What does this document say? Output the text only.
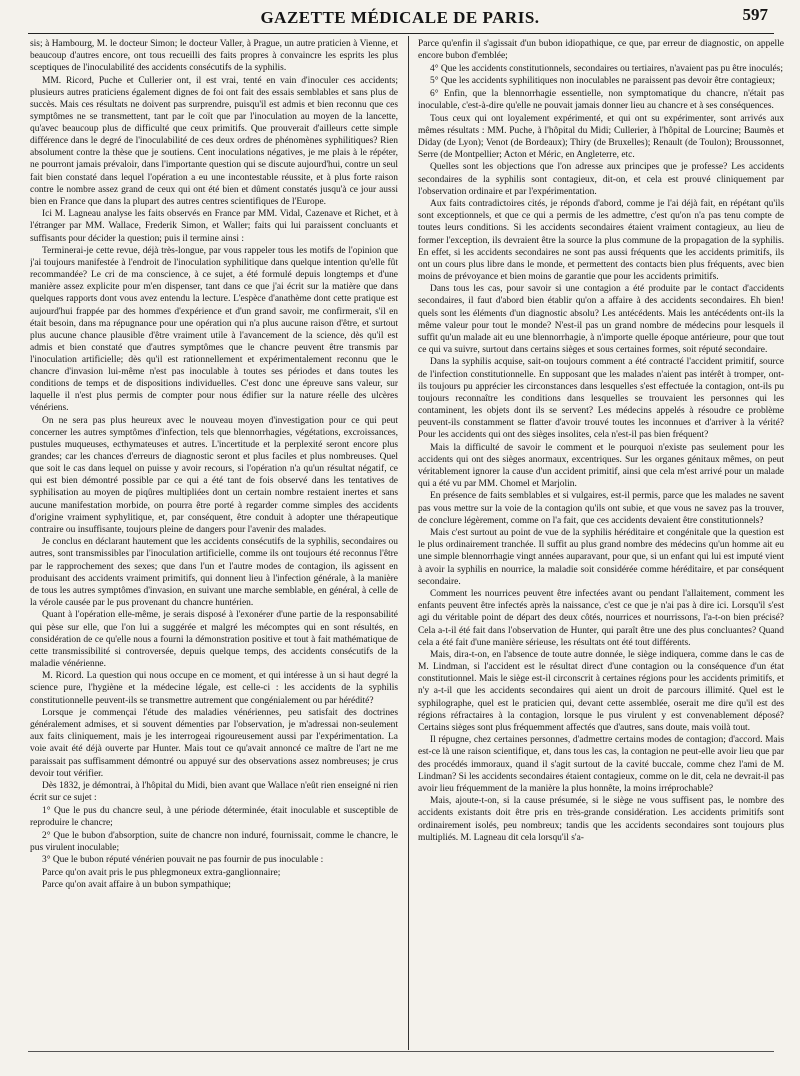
GAZETTE MÉDICALE DE PARIS.	597

sis; à Hambourg, M. le docteur Simon; le docteur Valler, à Prague, un autre praticien à Vienne, et beaucoup d'autres encore, ont tous recueilli des faits propres à convaincre les esprits les plus sceptiques de l'inoculabilité des accidents consécutifs de la syphilis.

MM. Ricord, Puche et Cullerier ont, il est vrai, tenté en vain d'inoculer ces accidents; plusieurs autres praticiens également dignes de foi ont fait des essais semblables et sans plus de succès. Mais ces résultats ne doivent pas surprendre, puisqu'il est admis et bien reconnu que ces symptômes ne se transmettent, tant par le coït que par l'inoculation au moyen de la lancette, qu'avec beaucoup plus de difficulté que ceux primitifs. Que prouverait d'ailleurs cette simple différence dans le degré de l'inoculabilité de ces deux ordres de phénomènes syphilitiques? Rien absolument contre la thèse que je soutiens. Cent inoculations négatives, je me plais à le répéter, ne pourront jamais prévaloir, dans l'importante question qui se discute aujourd'hui, contre un seul fait bien constaté dans lequel l'opération a eu une incontestable réussite, et à plus forte raison contre le nombre assez grand de ceux qui ont été bien et dûment constatés jusqu'à ce jour aussi bien en France que dans la plupart des autres centres scientifiques de l'Europe.

Ici M. Lagneau analyse les faits observés en France par MM. Vidal, Cazenave et Richet, et à l'étranger par MM. Wallace, Frederik Simon, et Waller; faits qui lui paraissent concluants et suffisants pour décider la question; puis il termine ainsi :

Terminerai-je cette revue, déjà très-longue, par vous rappeler tous les motifs de l'opinion que j'ai toujours manifestée à l'endroit de l'inoculation syphilitique dans quelque intention qu'elle fût recommandée? Le cri de ma conscience, à ce sujet, a été formulé depuis longtemps et d'une manière assez explicite pour m'en dispenser, tant dans ce que j'ai écrit sur la matière que dans quelques rapports dont vous avez entendu la lecture. L'espèce d'anathème dont cette pratique est aujourd'hui frappée par des hommes d'expérience et d'un grand savoir, me confirmerait, s'il en était besoin, dans ma répugnance pour une opération qui n'a plus aucune raison d'être, et surtout plus aucune chance plausible d'être vraiment utile à l'avancement de la science, dès qu'il est admis et bien constaté que d'autres symptômes que le chancre peuvent être transmis par l'inoculation artificielle; dès qu'il est rationnellement et expérimentalement reconnu que le chancre d'invasion lui-même n'est pas inoculable à toutes ses périodes et dans toutes les conditions de temps et de dispositions individuelles. C'est donc une épreuve sans valeur, sur laquelle il n'est plus permis de compter pour nous édifier sur la nature réelle des ulcères vénériens.

On ne sera pas plus heureux avec le nouveau moyen d'investigation pour ce qui peut concerner les autres symptômes d'infection, tels que blennorrhagies, végétations, excroissances, pustules muqueuses, ecthymateuses et autres. L'incertitude et la perplexité seront encore plus grandes; car les chances d'erreurs de diagnostic seront et plus faciles et plus nombreuses. Quel que soit le cas dans lequel on puisse y avoir recours, si l'opération n'a qu'un résultat négatif, ce qui est bien démontré possible par ce qui a été tant de fois observé dans les tentatives de syphilisation au moyen de piqûres multipliées dont un certain nombre restaient inertes et sans aucune manifestation morbide, on pourra être porté à regarder comme simples des accidents d'origine vraiment syphylitique, et, par conséquent, être conduit à adopter une thérapeutique contraire ou insuffisante, toujours pleine de dangers pour l'avenir des malades.

Je conclus en déclarant hautement que les accidents consécutifs de la syphilis, secondaires ou autres, sont transmissibles par l'inoculation artificielle, comme ils ont toujours été reconnus l'être par le rapprochement des sexes; que dans l'un et l'autre modes de contagion, ils agissent en produisant des accidents vraiment primitifs, qui donnent lieu à l'infection générale, à la manière de tous les autres symptômes d'invasion, en suivant une marche semblable, en général, à celle de la vérole causée par le pus provenant du chancre huntérien.

Quant à l'opération elle-même, je serais disposé à l'exonérer d'une partie de la responsabilité qui pèse sur elle, que l'on lui a suggérée et malgré les mécomptes qui en sont résultés, en considération de ce qu'elle nous a fourni la démonstration positive et tout à fait mathématique de cette transmissibilité si controversée, depuis quelque temps, des accidents consécutifs de la maladie vénérienne.

M. Ricord. La question qui nous occupe en ce moment, et qui intéresse à un si haut degré la science pure, l'hygiène et la médecine légale, est celle-ci : les accidents de la syphilis constitutionnelle peuvent-ils se transmettre autrement que congénialement ou par hérédité?

Lorsque je commençai l'étude des maladies vénériennes, peu satisfait des doctrines généralement admises, et si souvent démenties par l'observation, je m'adressai non-seulement aux faits cliniquement, mais je les interrogeai rigoureusement aussi par l'expérimentation. La voie avait été déjà ouverte par Hunter. Mais tout ce qu'avait annoncé ce maître de l'art ne me paraissait pas suffisamment démontré ou appuyé sur des observations assez nombreuses; je crus devoir tout vérifier.

Dès 1832, je démontrai, à l'hôpital du Midi, bien avant que Wallace n'eût rien enseigné ni rien écrit sur ce sujet :

1° Que le pus du chancre seul, à une période déterminée, était inoculable et susceptible de reproduire le chancre;

2° Que le bubon d'absorption, suite de chancre non induré, fournissait, comme le chancre, le pus virulent inoculable;

3° Que le bubon réputé vénérien pouvait ne pas fournir de pus inoculable :

Parce qu'on avait pris le pus phlegmoneux extra-ganglionnaire;

Parce qu'on avait affaire à un bubon sympathique;

Parce qu'enfin il s'agissait d'un bubon idiopathique, ce que, par erreur de diagnostic, on appelle encore bubon d'emblée;

4° Que les accidents constitutionnels, secondaires ou tertiaires, n'avaient pas pu être inoculés;

5° Que les accidents syphilitiques non inoculables ne paraissent pas devoir être contagieux;

6° Enfin, que la blennorrhagie essentielle, non symptomatique du chancre, n'était pas inoculable, c'est-à-dire qu'elle ne pouvait jamais donner lieu au chancre et à ses conséquences.

Tous ceux qui ont loyalement expérimenté, et qui ont su expérimenter, sont arrivés aux mêmes résultats : MM. Puche, à l'hôpital du Midi; Cullerier, à l'hôpital de Lourcine; Baumès et Diday (de Lyon); Venot (de Bordeaux); Thiry (de Bruxelles); Renault (de Toulon); Broussonnet, Serre (de Montpellier; Acton et Méric, en Angleterre, etc.

Quelles sont les objections que l'on adresse aux principes que je professe? Les accidents secondaires de la syphilis sont contagieux, dit-on, et cela est prouvé cliniquement par l'observation ordinaire et par l'expérimentation.

Aux faits contradictoires cités, je réponds d'abord, comme je l'ai déjà fait, en répétant qu'ils sont exceptionnels, et que ce qui a permis de les admettre, c'est qu'on n'a pas tenu compte de toutes leurs conditions. Si les accidents secondaires étaient vraiment contagieux, au lieu de former l'exception, ils devraient être la source la plus commune de la propagation de la syphilis. En effet, si les accidents secondaires ne sont pas aussi fréquents que les accidents primitifs, ils ont un cours plus libre dans le monde, et permettent des contacts bien plus fréquents, avec bien moins de prévoyance et bien moins de garantie que pour les accidents primitifs.

Dans tous les cas, pour savoir si une contagion a été produite par le contact d'accidents secondaires, il faut d'abord bien établir qu'on a affaire à des accidents secondaires. Eh bien! quels sont les éléments d'un diagnostic absolu? Les antécédents. Mais les antécédents ont-ils la même valeur pour tout le monde? N'est-il pas un grand nombre de médecins pour lesquels il suffit qu'un malade ait eu une blennorrhagie, à n'importe quelle époque antérieure, pour que tout ce qui va suivre, surtout dans certains sièges et sous certaines formes, soit réputé secondaire.

Dans la syphilis acquise, sait-on toujours comment a été contracté l'accident primitif, source de l'infection constitutionnelle. En supposant que les malades n'aient pas intérêt à tromper, ont-ils toujours pu apprécier les circonstances dans lesquelles s'est effectuée la contagion, ont-ils pu toujours reconnaître les conditions dans lesquelles se trouvaient les personnes qui les contaminent, les objets dont ils se servent? Les médecins appelés à résoudre ce problème peuvent-ils constamment se flatter d'avoir trouvé toutes les inconnues et d'arriver à la vérité? Pour les accidents qui ont des sièges insolites, cela n'est-il pas bien fréquent?

Mais la difficulté de savoir le comment et le pourquoi n'existe pas seulement pour les accidents qui ont des sièges anormaux, excentriques. Sur les organes génitaux mêmes, on peut véritablement ignorer la cause d'un accident primitif, ainsi que cela m'est arrivé pour un malade qui a été vu par MM. Chomel et Marjolin.

En présence de faits semblables et si vulgaires, est-il permis, parce que les malades ne savent pas vous mettre sur la voie de la contagion qu'ils ont subie, et que vous ne savez pas la trouver, de conclure légèrement, comme on l'a fait, que ces accidents devaient être constitutionnels?

Mais c'est surtout au point de vue de la syphilis héréditaire et congénitale que la question est le plus ordinairement tranchée. Il suffit au plus grand nombre des médecins qu'un homme ait eu une simple blennorrhagie vingt années auparavant, pour que, si un enfant qui lui est imputé vient à avoir la syphilis en nourrice, la maladie soit considérée comme héréditaire, et par conséquent secondaire.

Comment les nourrices peuvent être infectées avant ou pendant l'allaitement, comment les enfants peuvent être infectés après la naissance, c'est ce que je n'ai pas à dire ici. Lorsqu'il s'est agi du véritable point de départ des deux côtés, nourrices et nourrissons, l'a-t-on bien précisé? Cela a-t-il été fait dans l'observation de Hunter, qui paraît être une des plus concluantes? Quand cela a été fait d'une manière sérieuse, les résultats ont été tout différents.

Mais, dira-t-on, en l'absence de toute autre donnée, le siège indiquera, comme dans le cas de M. Lindman, si l'accident est le résultat direct d'une contagion ou la conséquence d'un état constitutionnel. Mais le siège est-il circonscrit à certaines régions pour les accidents primitifs, et n'y a-t-il que les accidents secondaires qui aient un droit de parcours illimité. Quel est le syphilographe, quel est le praticien qui, devant cette assemblée, oserait me dire qu'il est des régions réfractaires à la contagion, lorsque le pus virulent y est convenablement déposé? Certains sièges sont plus fréquemment affectés que d'autres, sans doute, mais voilà tout.

Il répugne, chez certaines personnes, d'admettre certains modes de contagion; d'accord. Mais est-ce là une raison scientifique, et, dans tous les cas, la contagion ne peut-elle avoir lieu que par des procédés immoraux, quand il s'agit surtout de la cavité buccale, comme chez l'ami de M. Lindman? Si les accidents secondaires étaient contagieux, comme on le dit, cela ne devrait-il pas avoir lieu fréquemment de la manière la plus honnête, la moins irréprochable?

Mais, ajoute-t-on, si la cause présumée, si le siège ne vous suffisent pas, le nombre des accidents existants doit être pris en très-grande considération. Les accidents primitifs sont ordinairement isolés, peu nombreux; tandis que les accidents secondaires sont toujours plus multipliés. M. Lagneau dit cela lorsqu'il s'a-
